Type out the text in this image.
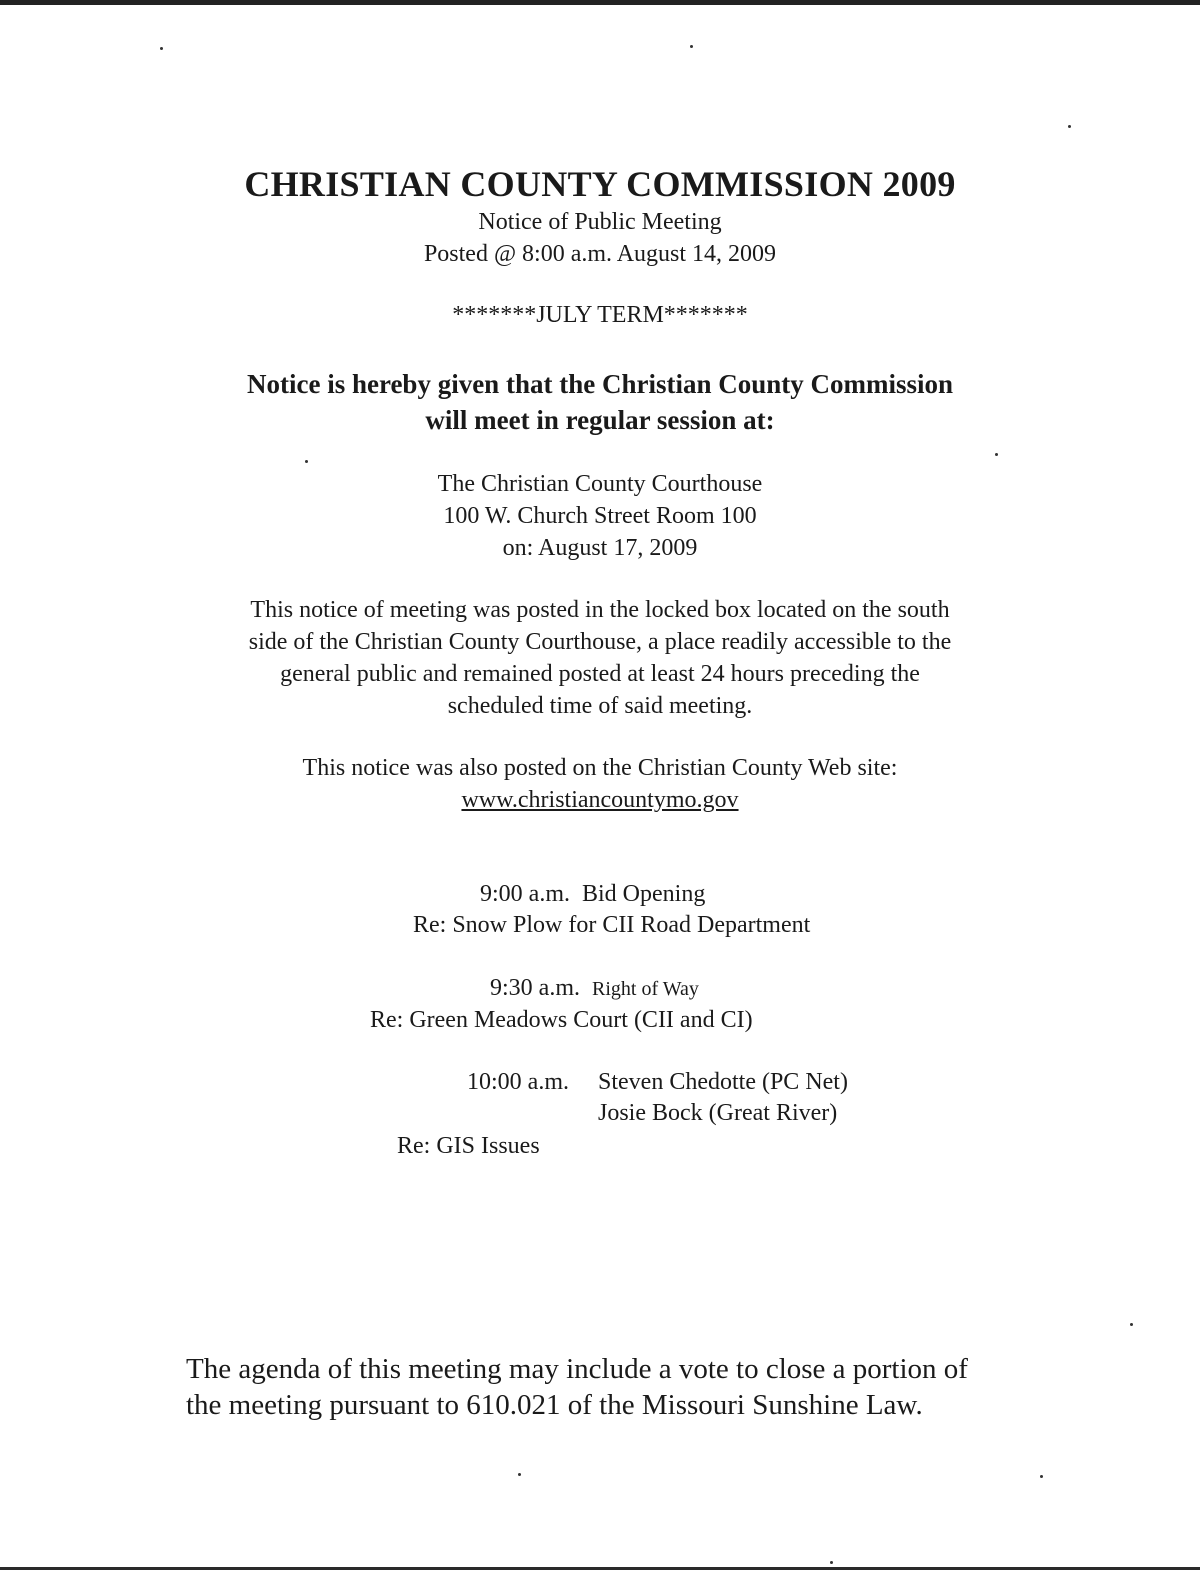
CHRISTIAN COUNTY COMMISSION 2009
Notice of Public Meeting
Posted @ 8:00 a.m. August 14, 2009
*******JULY TERM*******
Notice is hereby given that the Christian County Commission
will meet in regular session at:
The Christian County Courthouse
100 W. Church Street Room 100
on: August 17, 2009
This notice of meeting was posted in the locked box located on the south
side of the Christian County Courthouse, a place readily accessible to the
general public and remained posted at least 24 hours preceding the
scheduled time of said meeting.
This notice was also posted on the Christian County Web site:
www.christiancountymo.gov
9:00 a.m. Bid Opening
Re: Snow Plow for CII Road Department
9:30 a.m. Right of Way
Re: Green Meadows Court (CII and CI)
10:00 a.m. Steven Chedotte (PC Net)
Josie Bock (Great River)
Re: GIS Issues
The agenda of this meeting may include a vote to close a portion of
the meeting pursuant to 610.021 of the Missouri Sunshine Law.
